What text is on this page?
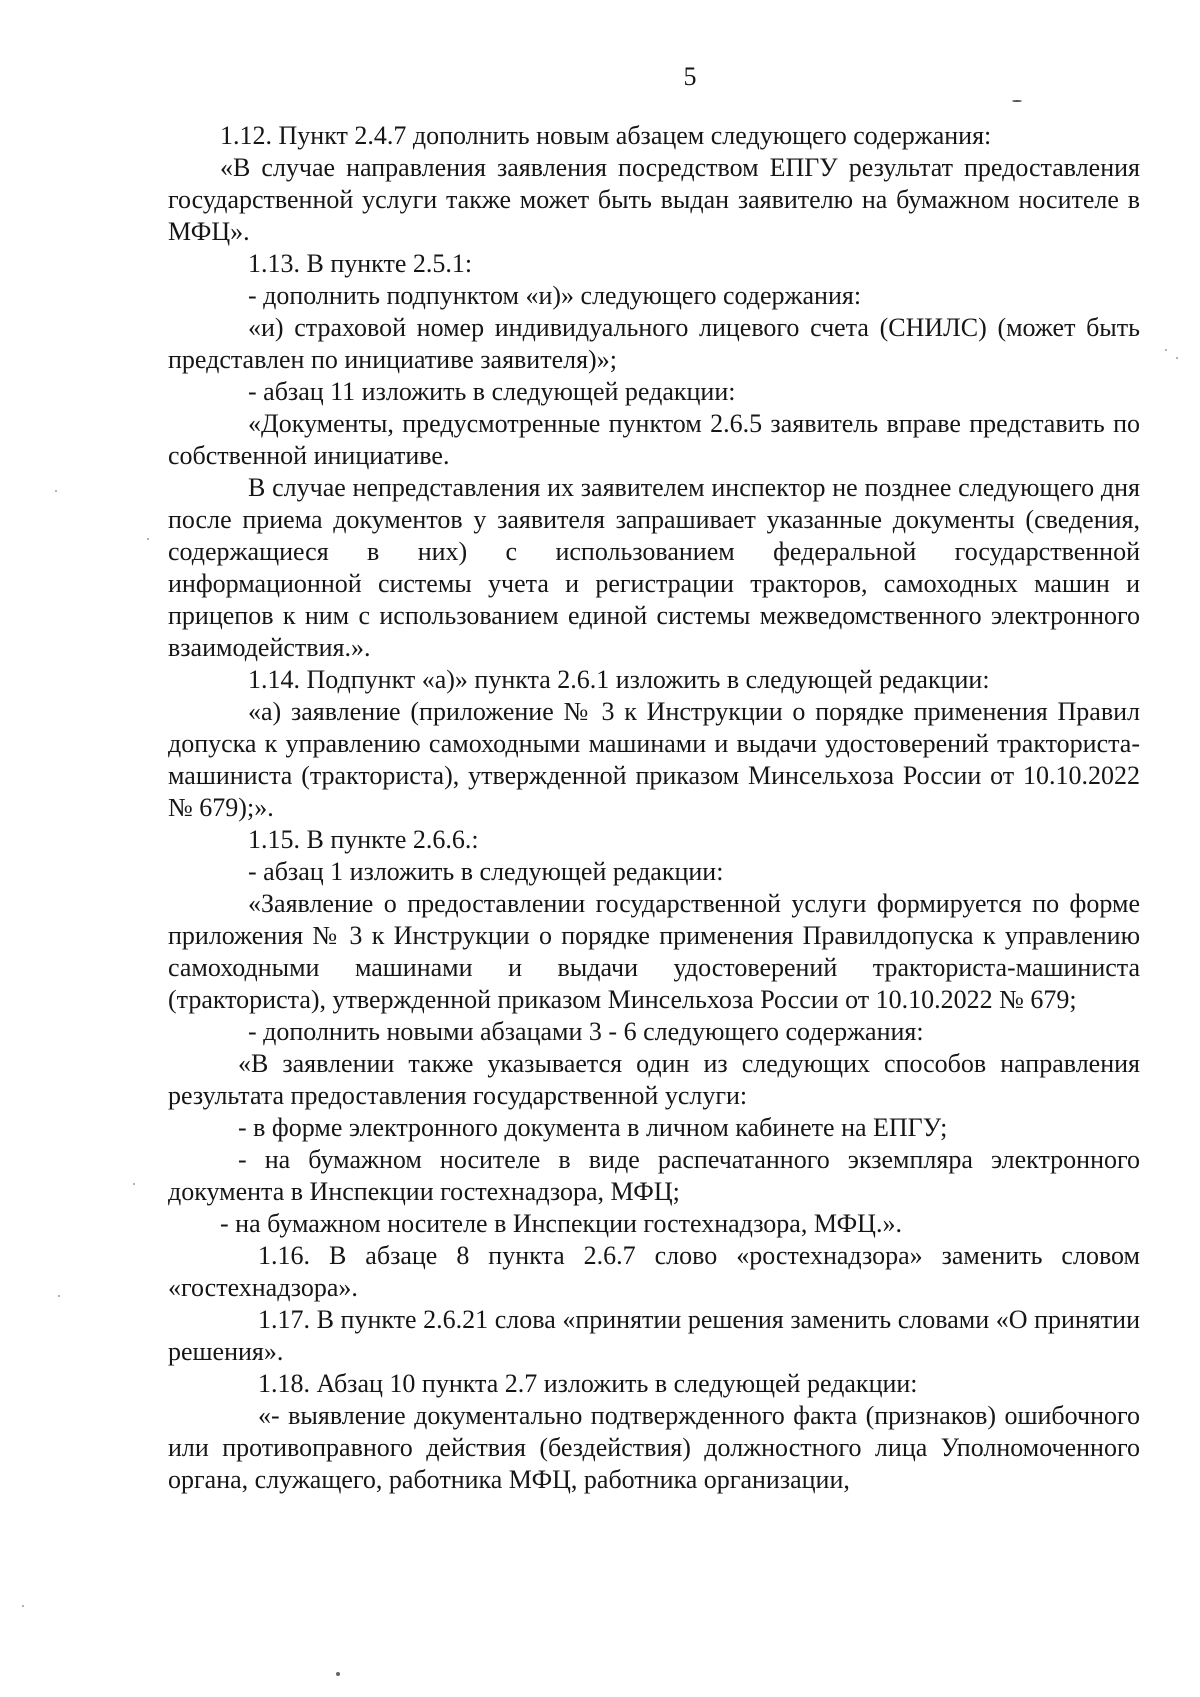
5

1.12. Пункт 2.4.7 дополнить новым абзацем следующего содержания:

«В случае направления заявления посредством ЕПГУ результат предоставления государственной услуги также может быть выдан заявителю на бумажном носителе в МФЦ».

1.13. В пункте 2.5.1:

- дополнить подпунктом «и)» следующего содержания:

«и) страховой номер индивидуального лицевого счета (СНИЛС) (может быть представлен по инициативе заявителя)»;

- абзац 11 изложить в следующей редакции:

«Документы, предусмотренные пунктом 2.6.5 заявитель вправе представить по собственной инициативе.

В случае непредставления их заявителем инспектор не позднее следующего дня после приема документов у заявителя запрашивает указанные документы (сведения, содержащиеся в них) с использованием федеральной государственной информационной системы учета и регистрации тракторов, самоходных машин и прицепов к ним с использованием единой системы межведомственного электронного взаимодействия.».

1.14. Подпункт «а)» пункта 2.6.1 изложить в следующей редакции:

«а) заявление (приложение № 3 к Инструкции о порядке применения Правил допуска к управлению самоходными машинами и выдачи удостоверений тракториста-машиниста (тракториста), утвержденной приказом Минсельхоза России от 10.10.2022 № 679);».

1.15. В пункте 2.6.6.:

- абзац 1 изложить в следующей редакции:

«Заявление о предоставлении государственной услуги формируется по форме приложения № 3 к Инструкции о порядке применения Правилдопуска к управлению самоходными машинами и выдачи удостоверений тракториста-машиниста (тракториста), утвержденной приказом Минсельхоза России от 10.10.2022 № 679;

- дополнить новыми абзацами 3 - 6 следующего содержания:

«В заявлении также указывается один из следующих способов направления результата предоставления государственной услуги:

- в форме электронного документа в личном кабинете на ЕПГУ;

- на бумажном носителе в виде распечатанного экземпляра электронного документа в Инспекции гостехнадзора, МФЦ;

- на бумажном носителе в Инспекции гостехнадзора, МФЦ.».

1.16. В абзаце 8 пункта 2.6.7 слово «ростехнадзора» заменить словом «гостехнадзора».

1.17. В пункте 2.6.21 слова «принятии решения заменить словами «О принятии решения».

1.18. Абзац 10 пункта 2.7 изложить в следующей редакции:

«- выявление документально подтвержденного факта (признаков) ошибочного или противоправного действия (бездействия) должностного лица Уполномоченного органа, служащего, работника МФЦ, работника организации,
